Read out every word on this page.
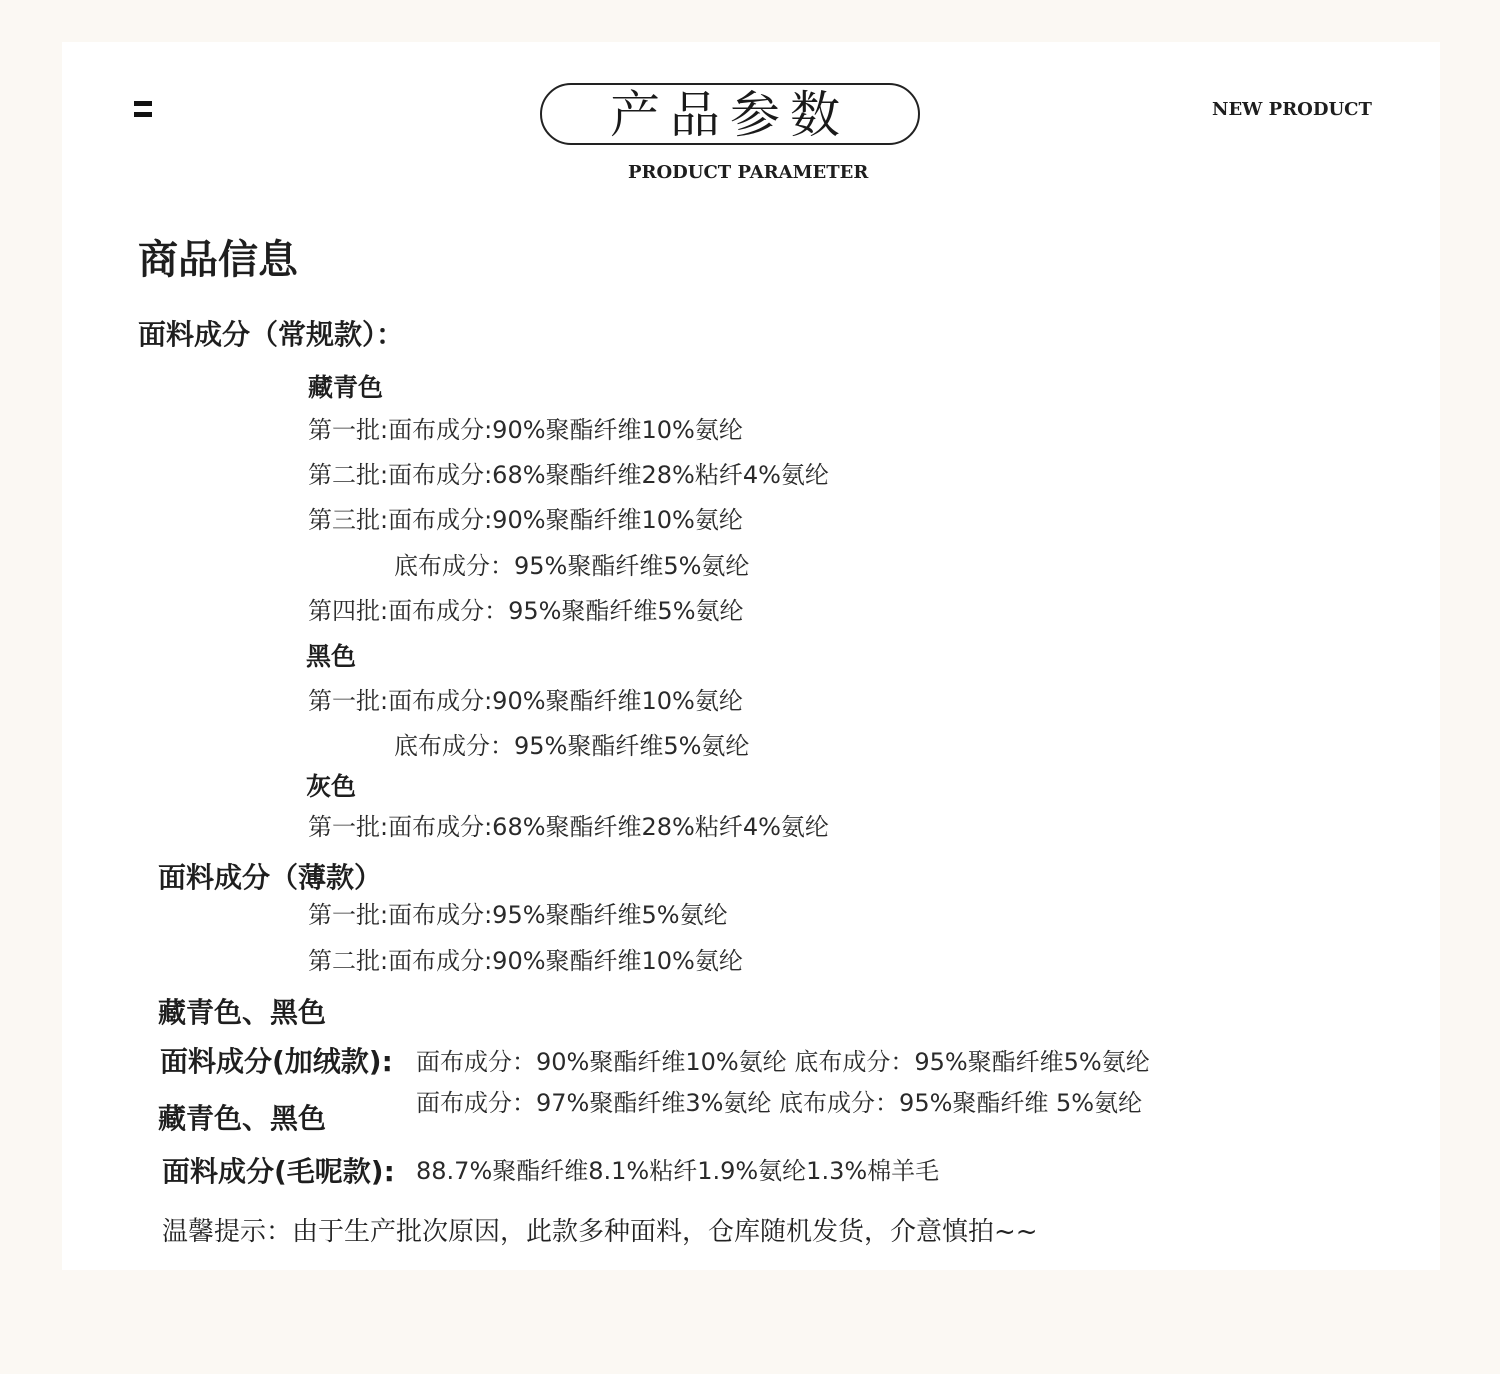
产品参数
PRODUCT PARAMETER
NEW PRODUCT
商品信息
面料成分（常规款）：
藏青色
第一批:面布成分:90%聚酯纤维10%氨纶
第二批:面布成分:68%聚酯纤维28%粘纤4%氨纶
第三批:面布成分:90%聚酯纤维10%氨纶
底布成分：95%聚酯纤维5%氨纶
第四批:面布成分：95%聚酯纤维5%氨纶
黑色
第一批:面布成分:90%聚酯纤维10%氨纶
底布成分：95%聚酯纤维5%氨纶
灰色
第一批:面布成分:68%聚酯纤维28%粘纤4%氨纶
面料成分（薄款）
第一批:面布成分:95%聚酯纤维5%氨纶
第二批:面布成分:90%聚酯纤维10%氨纶
藏青色、黑色
面料成分(加绒款): 面布成分：90%聚酯纤维10%氨纶 底布成分：95%聚酯纤维5%氨纶
面布成分：97%聚酯纤维3%氨纶 底布成分：95%聚酯纤维 5%氨纶
藏青色、黑色
面料成分(毛呢款): 88.7%聚酯纤维8.1%粘纤1.9%氨纶1.3%棉羊毛
温馨提示：由于生产批次原因，此款多种面料，仓库随机发货，介意慎拍~~
